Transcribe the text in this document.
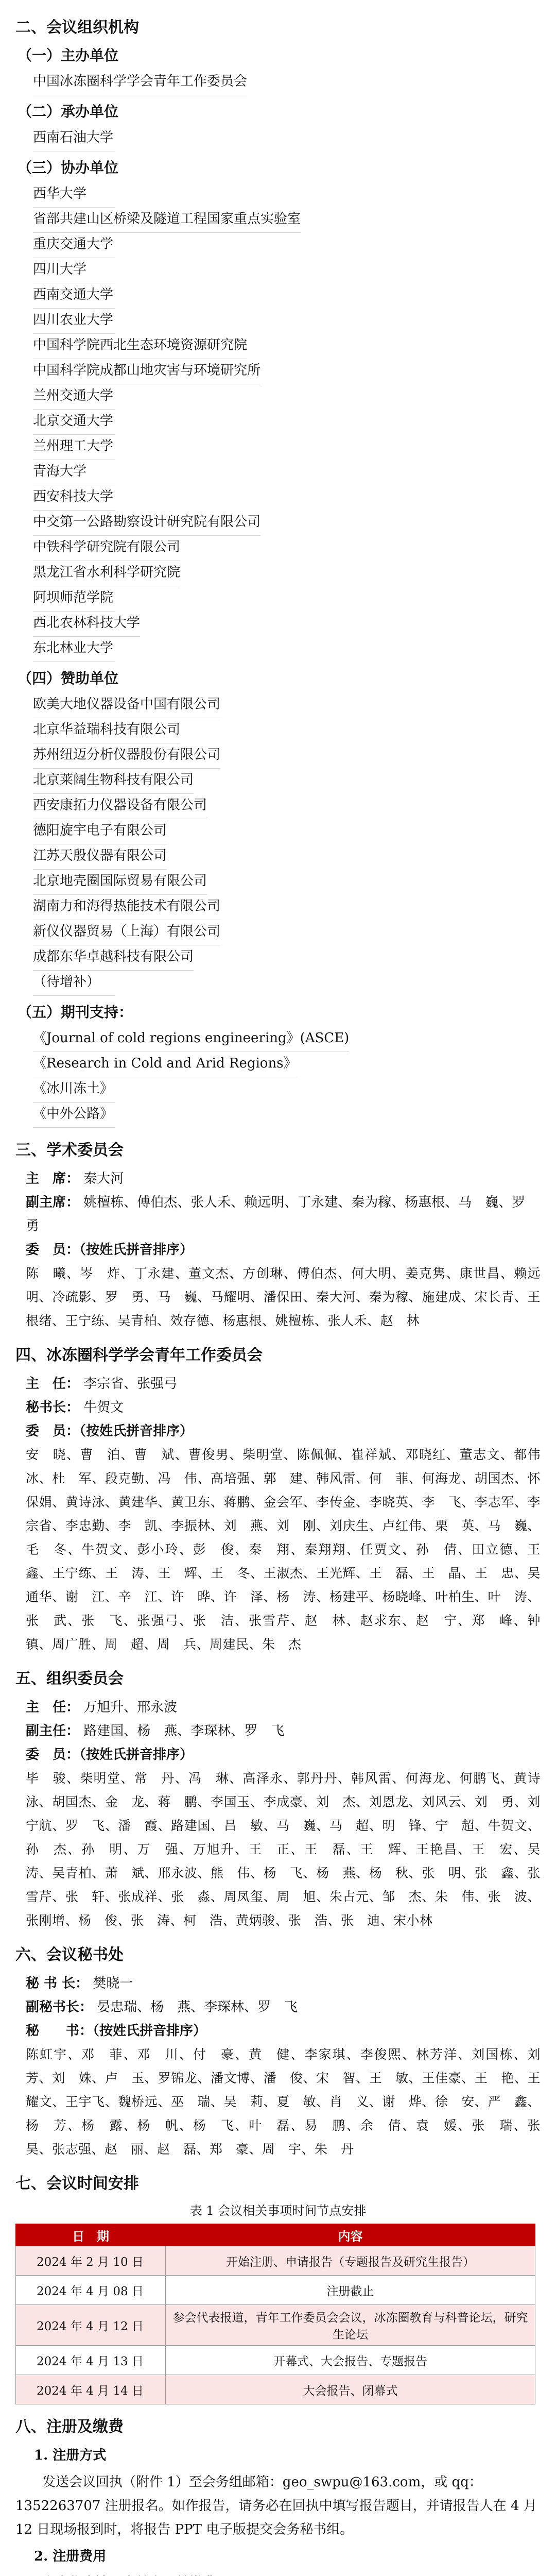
二、会议组织机构
（一）主办单位
中国冰冻圈科学学会青年工作委员会
（二）承办单位
西南石油大学
（三）协办单位
西华大学
省部共建山区桥梁及隧道工程国家重点实验室
重庆交通大学
四川大学
西南交通大学
四川农业大学
中国科学院西北生态环境资源研究院
中国科学院成都山地灾害与环境研究所
兰州交通大学
北京交通大学
兰州理工大学
青海大学
西安科技大学
中交第一公路勘察设计研究院有限公司
中铁科学研究院有限公司
黑龙江省水利科学研究院
阿坝师范学院
西北农林科技大学
东北林业大学
（四）赞助单位
欧美大地仪器设备中国有限公司
北京华益瑞科技有限公司
苏州纽迈分析仪器股份有限公司
北京莱阔生物科技有限公司
西安康拓力仪器设备有限公司
德阳旋宇电子有限公司
江苏天殷仪器有限公司
北京地壳圈国际贸易有限公司
湖南力和海得热能技术有限公司
新仪仪器贸易（上海）有限公司
成都东华卓越科技有限公司
（待增补）
（五）期刊支持：
《Journal of cold regions engineering》(ASCE)
《Research in Cold and Arid Regions》
《冰川冻土》
《中外公路》
三、学术委员会
主　席： 秦大河
副主席： 姚檀栋、傅伯杰、张人禾、赖远明、丁永建、秦为稼、杨惠根、马　巍、罗　勇
委　员：（按姓氏拼音排序）
陈　曦、岑　炸、丁永建、董文杰、方创琳、傅伯杰、何大明、姜克隽、康世昌、赖远明、冷疏影、罗　勇、马　巍、马耀明、潘保田、秦大河、秦为稼、施建成、宋长青、王根绪、王宁练、吴青柏、效存德、杨惠根、姚檀栋、张人禾、赵　林
四、冰冻圈科学学会青年工作委员会
主　任： 李宗省、张强弓
秘书长： 牛贺文
委　员：（按姓氏拼音排序）
安　晓、曹　泊、曹　斌、曹俊男、柴明堂、陈佩佩、崔祥斌、邓晓红、董志文、都伟冰、杜　军、段克勤、冯　伟、高培强、郭　建、韩风雷、何　菲、何海龙、胡国杰、怀保娟、黄诗泳、黄建华、黄卫东、蒋鹏、金会军、李传金、李晓英、李　飞、李志军、李宗省、李忠勤、李　凯、李振林、刘　燕、刘　刚、刘庆生、卢红伟、栗　英、马　巍、毛　冬、牛贺文、彭小玲、彭　俊、秦　翔、秦翔翔、任贾文、孙　倩、田立德、王　鑫、王宁练、王　涛、王　辉、王　冬、王淑杰、王光辉、王　磊、王　晶、王　忠、吴通华、谢　江、辛　江、许　晔、许　泽、杨　涛、杨建平、杨晓峰、叶柏生、叶　涛、张　武、张　飞、张强弓、张　洁、张雪芹、赵　林、赵求东、赵　宁、郑　峰、钟　镇、周广胜、周　超、周　兵、周建民、朱　杰
五、组织委员会
主　任： 万旭升、邢永波
副主任： 路建国、杨　燕、李琛林、罗　飞
委　员：（按姓氏拼音排序）
毕　骏、柴明堂、常　丹、冯　琳、高泽永、郭丹丹、韩风雷、何海龙、何鹏飞、黄诗泳、胡国杰、金　龙、蒋　鹏、李国玉、李成豪、刘　杰、刘恩龙、刘风云、刘　勇、刘宁航、罗　飞、潘　霞、路建国、吕　敏、马　巍、马　超、明　锋、宁　超、牛贺文、孙　杰、孙　明、万　强、万旭升、王　正、王　磊、王　辉、王艳昌、王　宏、吴　涛、吴青柏、萧　斌、邢永波、熊　伟、杨　飞、杨　燕、杨　秋、张　明、张　鑫、张雪芹、张　轩、张成祥、张　淼、周凤玺、周　旭、朱占元、邹　杰、朱　伟、张　波、张刚增、杨　俊、张　涛、柯　浩、黄炳骏、张　浩、张　迪、宋小林
六、会议秘书处
秘 书 长： 樊晓一
副秘书长： 晏忠瑞、杨　燕、李琛林、罗　飞
秘　　书：（按姓氏拼音排序）
陈虹宇、邓　菲、邓　川、付　豪、黄　健、李家琪、李俊熙、林芳洋、刘国栋、刘　芳、刘　姝、卢　玉、罗锦龙、潘文博、潘　俊、宋　智、王　敏、王佳豪、王　艳、王耀文、王宇飞、魏桥远、巫　瑞、吴　莉、夏　敏、肖　义、谢　烨、徐　安、严　鑫、杨　芳、杨　露、杨　帆、杨　飞、叶　磊、易　鹏、余　倩、袁　媛、张　瑞、张　昊、张志强、赵　丽、赵　磊、郑　豪、周　宇、朱　丹
七、会议时间安排
表 1 会议相关事项时间节点安排
日　期	内容
2024 年 2 月 10 日	开始注册、申请报告（专题报告及研究生报告）
2024 年 4 月 08 日	注册截止
2024 年 4 月 12 日	参会代表报道，青年工作委员会会议，冰冻圈教育与科普论坛，研究生论坛
2024 年 4 月 13 日	开幕式、大会报告、专题报告
2024 年 4 月 14 日	大会报告、闭幕式
八、注册及缴费
1. 注册方式
发送会议回执（附件 1）至会务组邮箱：geo_swpu@163.com，或 qq：1352263707 注册报名。如作报告，请务必在回执中填写报告题目，并请报告人在 4 月 12 日现场报到时，将报告 PPT 电子版提交会务秘书组。
2. 注册费用
